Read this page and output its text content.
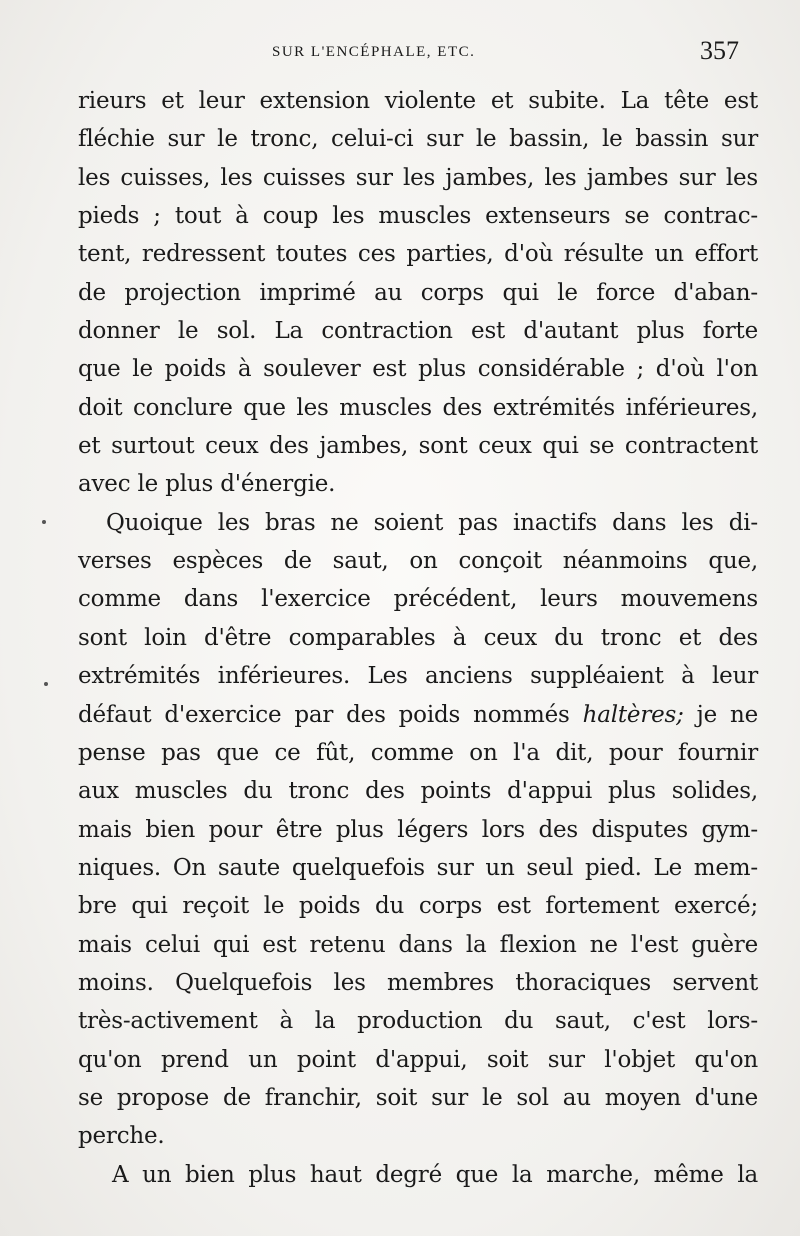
SUR L'ENCÉPHALE, ETC.	357
rieurs et leur extension violente et subite. La tête est
fléchie sur le tronc, celui-ci sur le bassin, le bassin sur
les cuisses, les cuisses sur les jambes, les jambes sur les
pieds ; tout à coup les muscles extenseurs se contrac-
tent, redressent toutes ces parties, d'où résulte un effort
de projection imprimé au corps qui le force d'aban-
donner le sol. La contraction est d'autant plus forte
que le poids à soulever est plus considérable ; d'où l'on
doit conclure que les muscles des extrémités inférieures,
et surtout ceux des jambes, sont ceux qui se contractent
avec le plus d'énergie.
Quoique les bras ne soient pas inactifs dans les di-
verses espèces de saut, on conçoit néanmoins que,
comme dans l'exercice précédent, leurs mouvemens
sont loin d'être comparables à ceux du tronc et des
extrémités inférieures. Les anciens suppléaient à leur
défaut d'exercice par des poids nommés haltères; je ne
pense pas que ce fût, comme on l'a dit, pour fournir
aux muscles du tronc des points d'appui plus solides,
mais bien pour être plus légers lors des disputes gym-
niques. On saute quelquefois sur un seul pied. Le mem-
bre qui reçoit le poids du corps est fortement exercé;
mais celui qui est retenu dans la flexion ne l'est guère
moins. Quelquefois les membres thoraciques servent
très-activement à la production du saut, c'est lors-
qu'on prend un point d'appui, soit sur l'objet qu'on
se propose de franchir, soit sur le sol au moyen d'une
perche.
A un bien plus haut degré que la marche, même la
